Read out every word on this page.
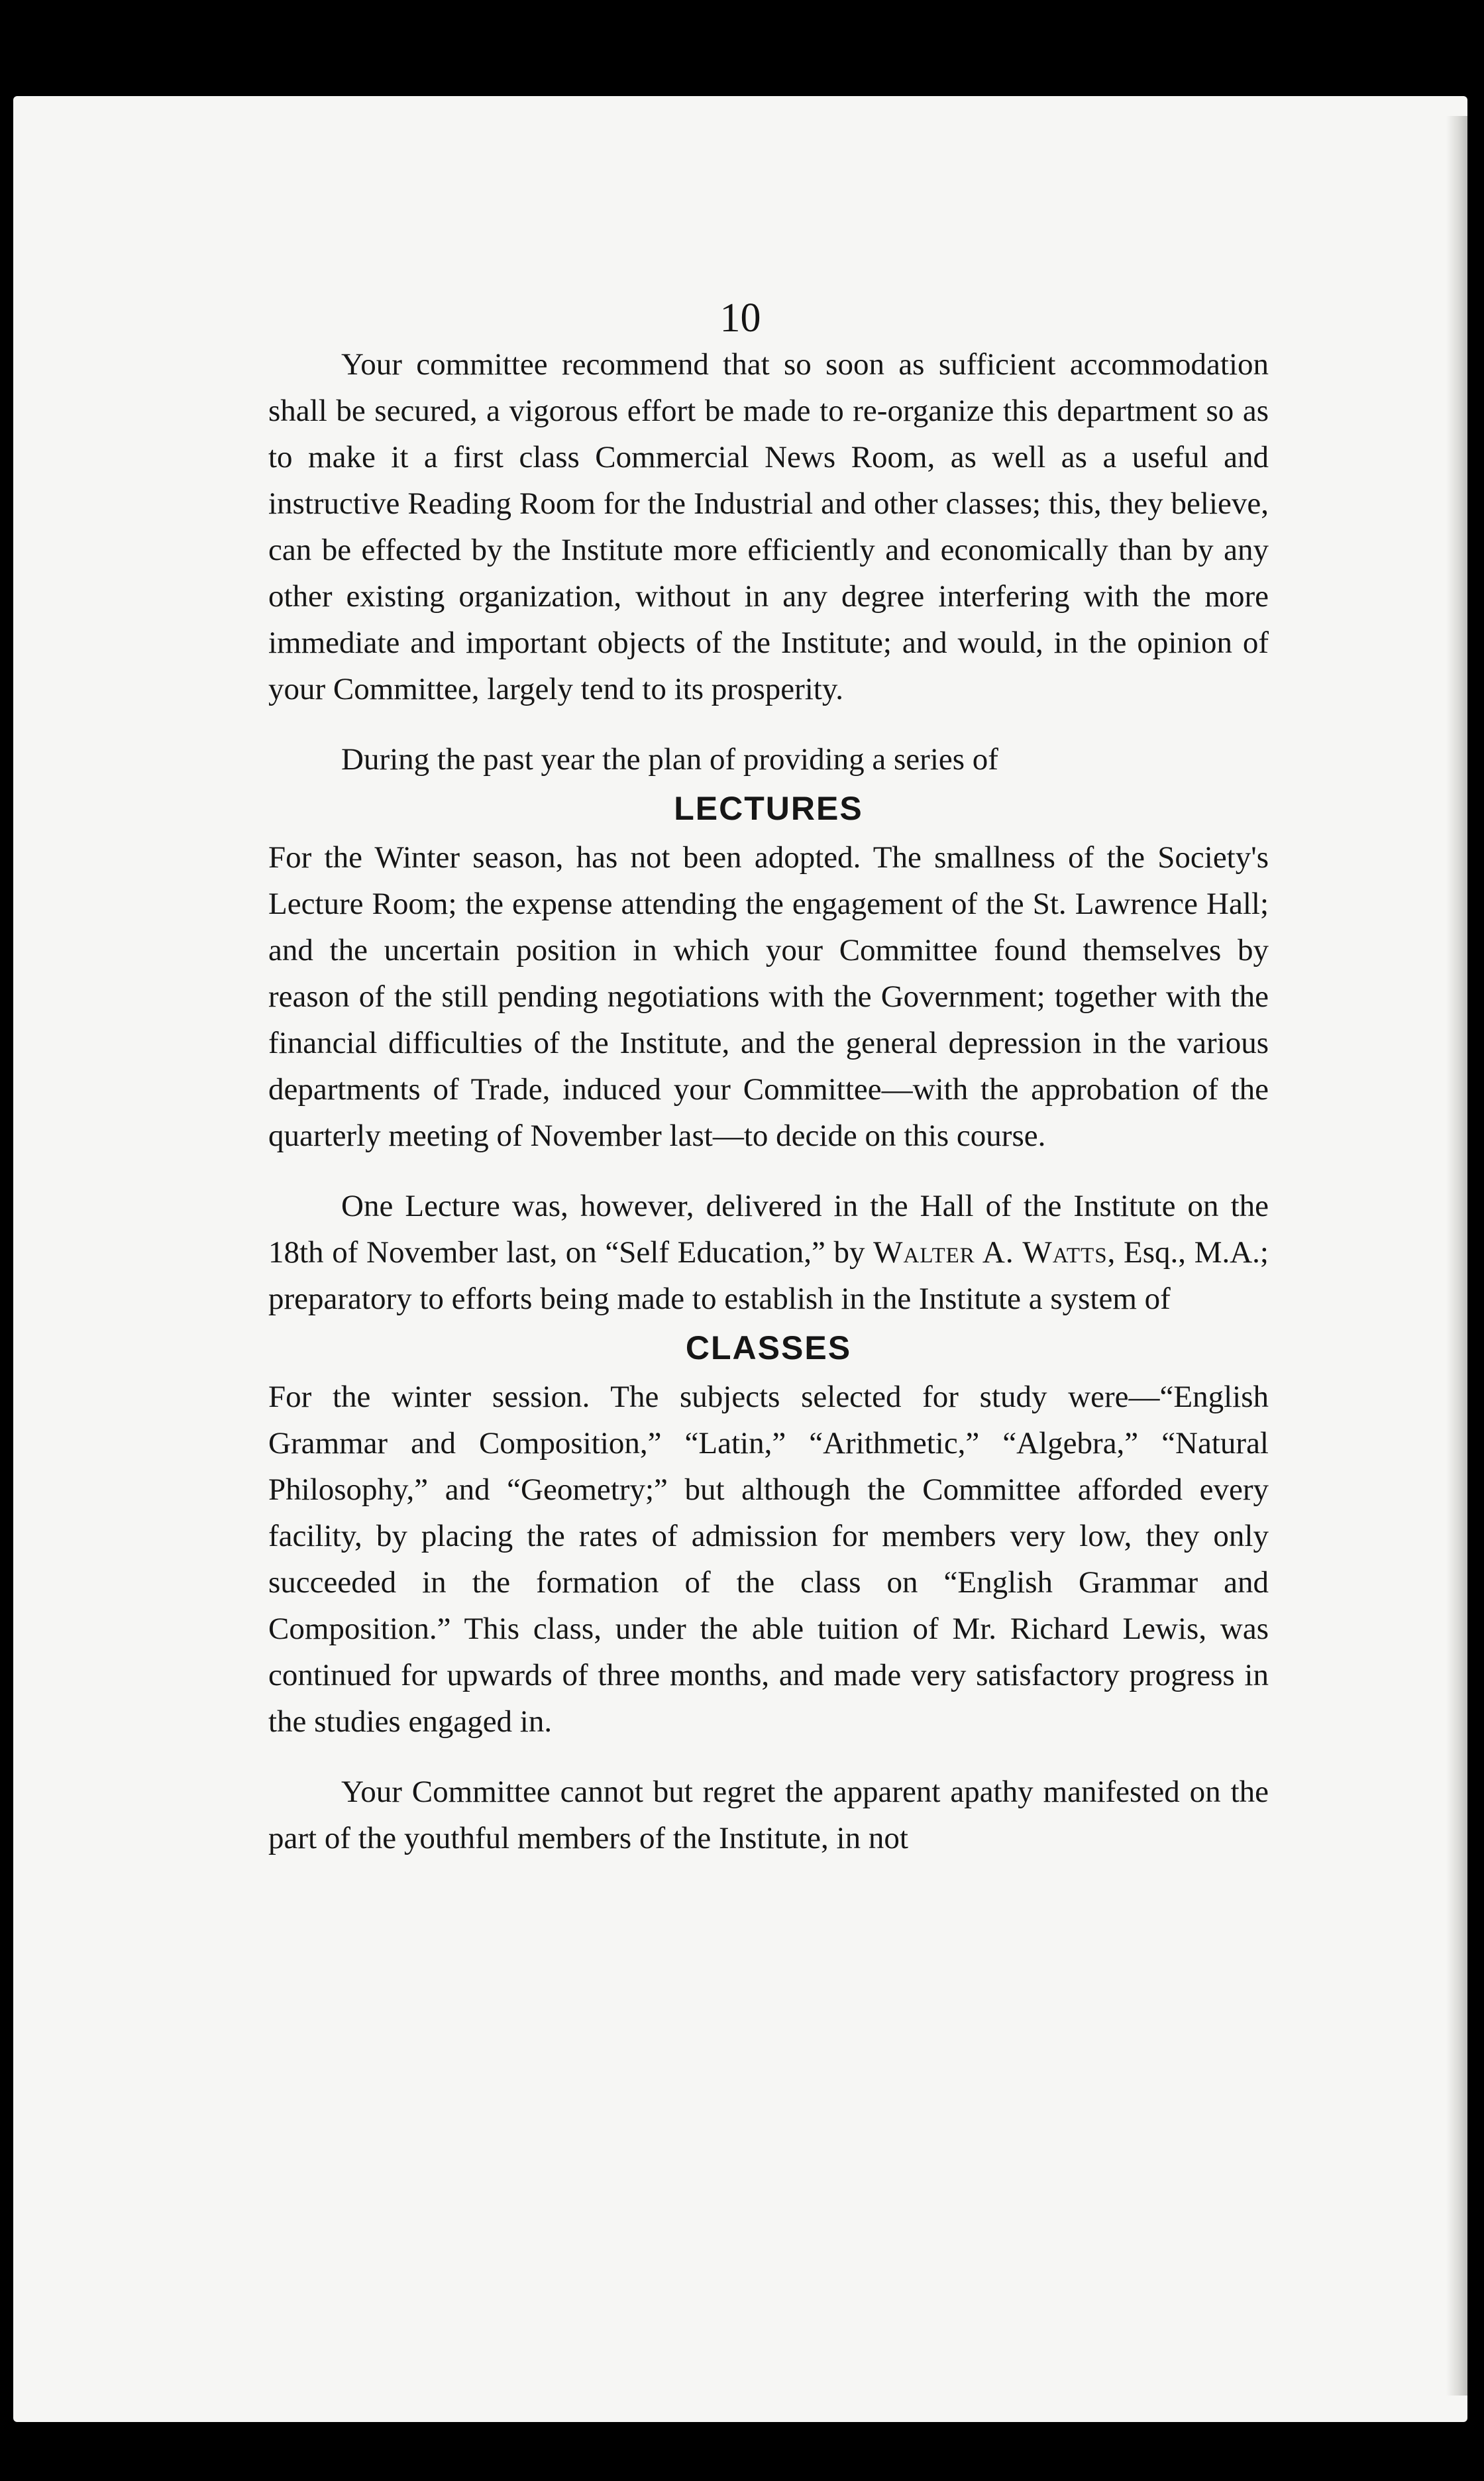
10

Your committee recommend that so soon as sufficient accommodation shall be secured, a vigorous effort be made to re-organize this department so as to make it a first class Commercial News Room, as well as a useful and instructive Reading Room for the Industrial and other classes; this, they believe, can be effected by the Institute more efficiently and economically than by any other existing organization, without in any degree interfering with the more immediate and important objects of the Institute; and would, in the opinion of your Committee, largely tend to its prosperity.

During the past year the plan of providing a series of

LECTURES

For the Winter season, has not been adopted. The smallness of the Society's Lecture Room; the expense attending the engagement of the St. Lawrence Hall; and the uncertain position in which your Committee found themselves by reason of the still pending negotiations with the Government; together with the financial difficulties of the Institute, and the general depression in the various departments of Trade, induced your Committee—with the approbation of the quarterly meeting of November last—to decide on this course.

One Lecture was, however, delivered in the Hall of the Institute on the 18th of November last, on “Self Education,” by Walter A. Watts, Esq., M.A.; preparatory to efforts being made to establish in the Institute a system of

CLASSES

For the winter session. The subjects selected for study were—“English Grammar and Composition,” “Latin,” “Arithmetic,” “Algebra,” “Natural Philosophy,” and “Geometry;” but although the Committee afforded every facility, by placing the rates of admission for members very low, they only succeeded in the formation of the class on “English Grammar and Composition.” This class, under the able tuition of Mr. Richard Lewis, was continued for upwards of three months, and made very satisfactory progress in the studies engaged in.

Your Committee cannot but regret the apparent apathy manifested on the part of the youthful members of the Institute, in not
